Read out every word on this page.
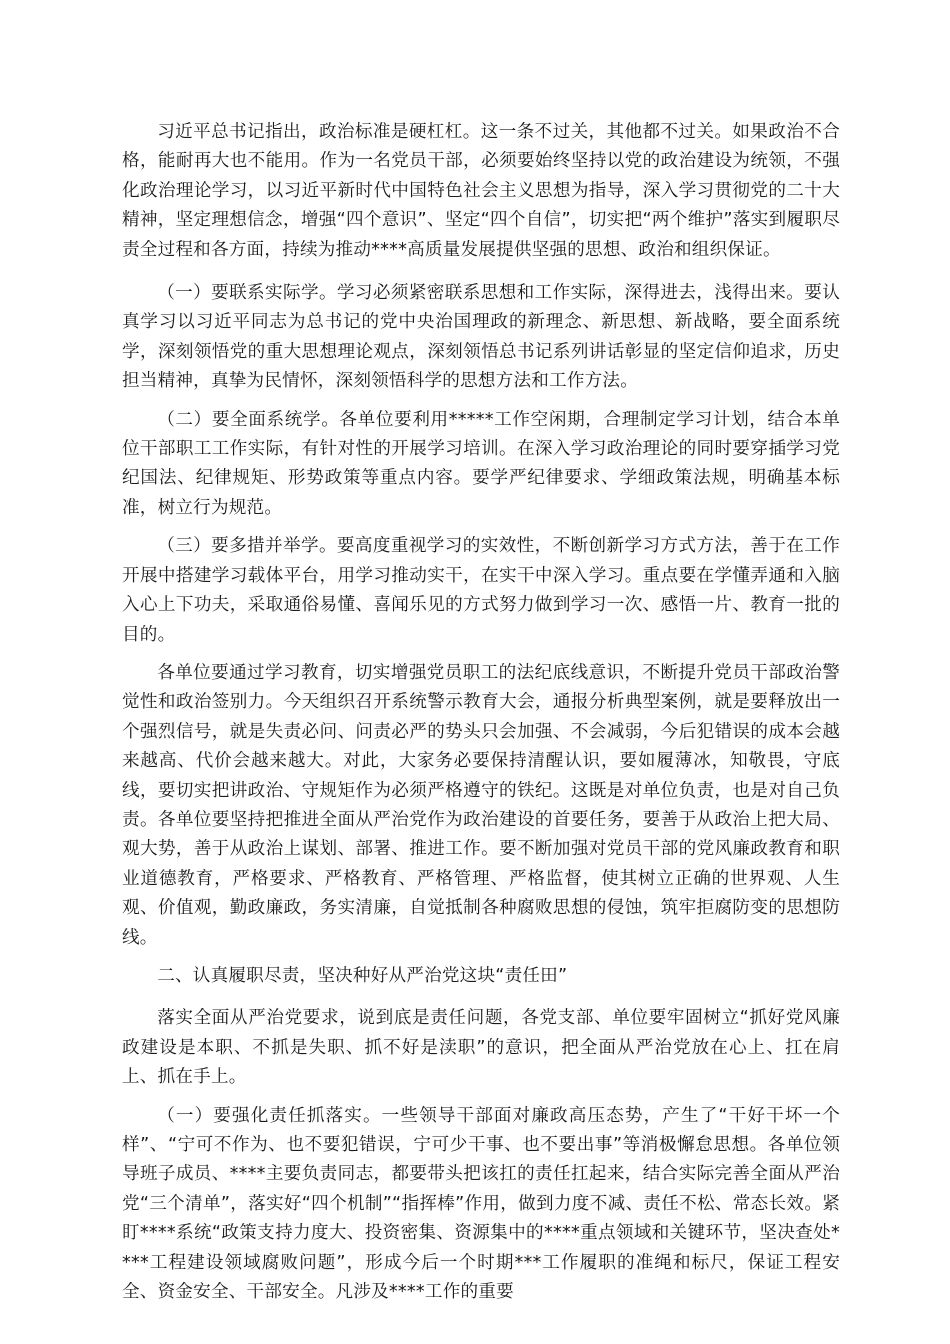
习近平总书记指出，政治标准是硬杠杠。这一条不过关，其他都不过关。如果政治不合格，能耐再大也不能用。作为一名党员干部，必须要始终坚持以党的政治建设为统领，不强化政治理论学习，以习近平新时代中国特色社会主义思想为指导，深入学习贯彻党的二十大精神，坚定理想信念，增强“四个意识”、坚定“四个自信”，切实把“两个维护”落实到履职尽责全过程和各方面，持续为推动****高质量发展提供坚强的思想、政治和组织保证。

（一）要联系实际学。学习必须紧密联系思想和工作实际，深得进去，浅得出来。要认真学习以习近平同志为总书记的党中央治国理政的新理念、新思想、新战略，要全面系统学，深刻领悟党的重大思想理论观点，深刻领悟总书记系列讲话彰显的坚定信仰追求，历史担当精神，真挚为民情怀，深刻领悟科学的思想方法和工作方法。

（二）要全面系统学。各单位要利用*****工作空闲期，合理制定学习计划，结合本单位干部职工工作实际，有针对性的开展学习培训。在深入学习政治理论的同时要穿插学习党纪国法、纪律规矩、形势政策等重点内容。要学严纪律要求、学细政策法规，明确基本标准，树立行为规范。

（三）要多措并举学。要高度重视学习的实效性，不断创新学习方式方法，善于在工作开展中搭建学习载体平台，用学习推动实干，在实干中深入学习。重点要在学懂弄通和入脑入心上下功夫，采取通俗易懂、喜闻乐见的方式努力做到学习一次、感悟一片、教育一批的目的。

各单位要通过学习教育，切实增强党员职工的法纪底线意识，不断提升党员干部政治警觉性和政治签别力。今天组织召开系统警示教育大会，通报分析典型案例，就是要释放出一个强烈信号，就是失责必问、问责必严的势头只会加强、不会减弱，今后犯错误的成本会越来越高、代价会越来越大。对此，大家务必要保持清醒认识，要如履薄冰，知敬畏，守底线，要切实把讲政治、守规矩作为必须严格遵守的铁纪。这既是对单位负责，也是对自己负责。各单位要坚持把推进全面从严治党作为政治建设的首要任务，要善于从政治上把大局、观大势，善于从政治上谋划、部署、推进工作。要不断加强对党员干部的党风廉政教育和职业道德教育，严格要求、严格教育、严格管理、严格监督，使其树立正确的世界观、人生观、价值观，勤政廉政，务实清廉，自觉抵制各种腐败思想的侵蚀，筑牢拒腐防变的思想防线。

二、认真履职尽责，坚决种好从严治党这块“责任田”

落实全面从严治党要求，说到底是责任问题，各党支部、单位要牢固树立“抓好党风廉政建设是本职、不抓是失职、抓不好是渎职”的意识，把全面从严治党放在心上、扛在肩上、抓在手上。

（一）要强化责任抓落实。一些领导干部面对廉政高压态势，产生了“干好干坏一个样”、“宁可不作为、也不要犯错误，宁可少干事、也不要出事”等消极懈怠思想。各单位领导班子成员、****主要负责同志，都要带头把该扛的责任扛起来，结合实际完善全面从严治党“三个清单”，落实好“四个机制”“指挥棒”作用，做到力度不减、责任不松、常态长效。紧盯****系统“政策支持力度大、投资密集、资源集中的****重点领域和关键环节，坚决查处****工程建设领域腐败问题”，形成今后一个时期***工作履职的准绳和标尺，保证工程安全、资金安全、干部安全。凡涉及****工作的重要
